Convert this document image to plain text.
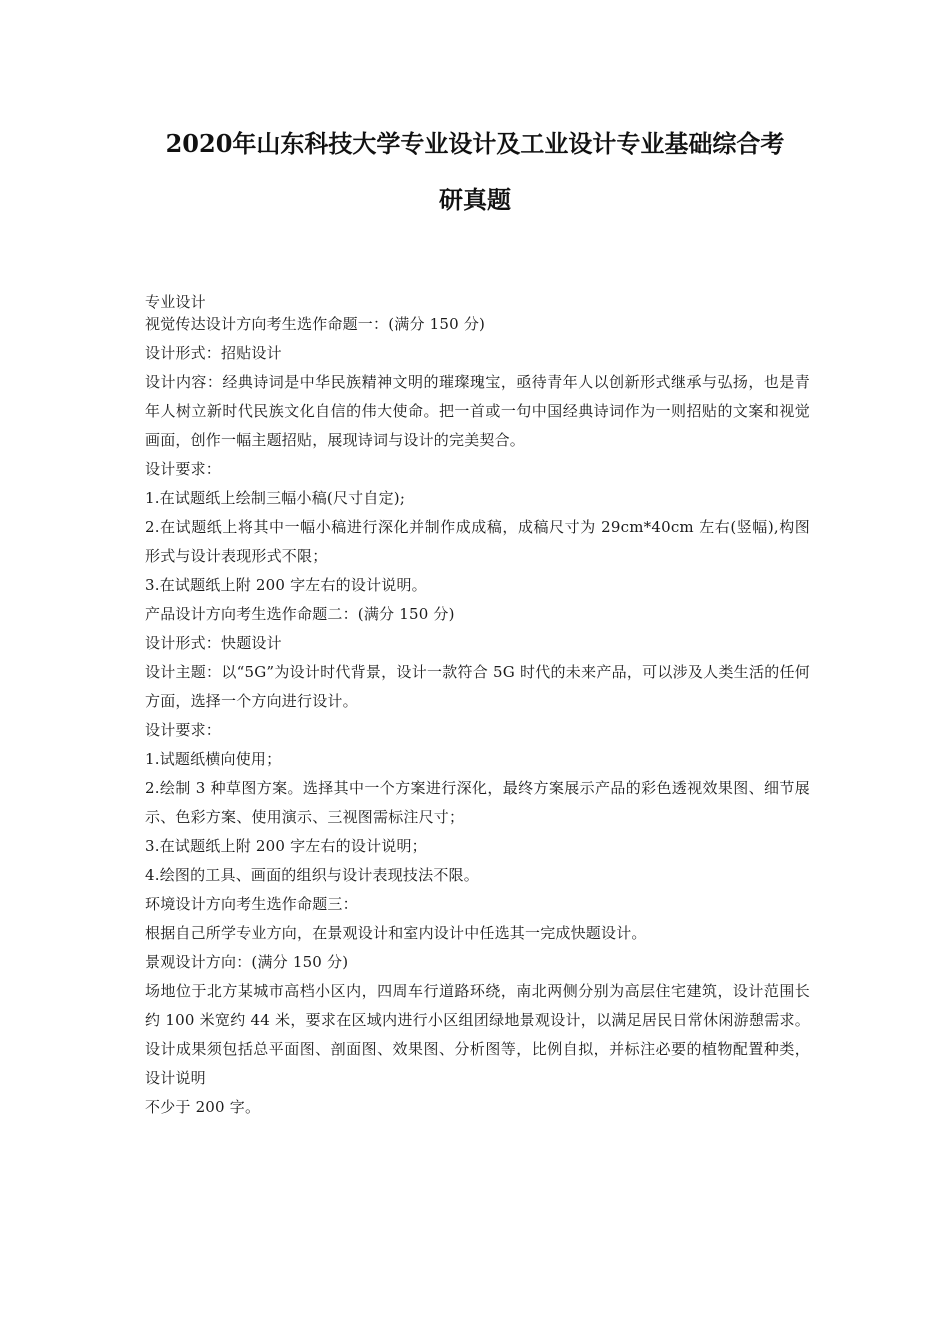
2020年山东科技大学专业设计及工业设计专业基础综合考
研真题

专业设计

视觉传达设计方向考生选作命题一：(满分 150 分)

设计形式：招贴设计

设计内容：经典诗词是中华民族精神文明的璀璨瑰宝，亟待青年人以创新形式继承与弘扬，也是青年人树立新时代民族文化自信的伟大使命。把一首或一句中国经典诗词作为一则招贴的文案和视觉画面，创作一幅主题招贴，展现诗词与设计的完美契合。

设计要求：

1.在试题纸上绘制三幅小稿(尺寸自定);

2.在试题纸上将其中一幅小稿进行深化并制作成成稿，成稿尺寸为 29cm*40cm 左右(竖幅),构图形式与设计表现形式不限；

3.在试题纸上附 200 字左右的设计说明。

产品设计方向考生选作命题二：(满分 150 分)

设计形式：快题设计

设计主题：以“5G”为设计时代背景，设计一款符合 5G 时代的未来产品，可以涉及人类生活的任何方面，选择一个方向进行设计。

设计要求：

1.试题纸横向使用；

2.绘制 3 种草图方案。选择其中一个方案进行深化，最终方案展示产品的彩色透视效果图、细节展示、色彩方案、使用演示、三视图需标注尺寸；

3.在试题纸上附 200 字左右的设计说明；

4.绘图的工具、画面的组织与设计表现技法不限。

环境设计方向考生选作命题三：

根据自己所学专业方向，在景观设计和室内设计中任选其一完成快题设计。

景观设计方向：(满分 150 分)

场地位于北方某城市高档小区内，四周车行道路环绕，南北两侧分别为高层住宅建筑，设计范围长约 100 米宽约 44 米，要求在区域内进行小区组团绿地景观设计，以满足居民日常休闲游憩需求。设计成果须包括总平面图、剖面图、效果图、分析图等，比例自拟，并标注必要的植物配置种类，设计说明

不少于 200 字。
